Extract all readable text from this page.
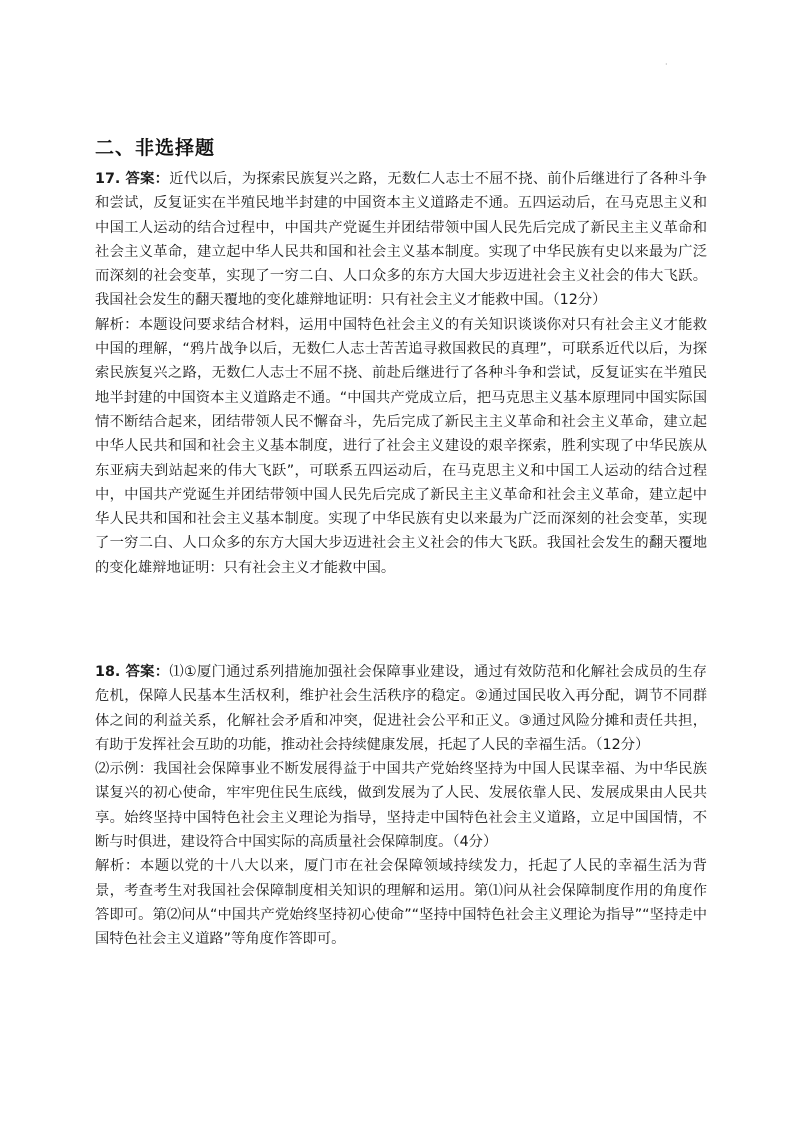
·
二、非选择题

17. 答案：近代以后，为探索民族复兴之路，无数仁人志士不屈不挠、前仆后继进行了各种斗争和尝试，反复证实在半殖民地半封建的中国资本主义道路走不通。五四运动后，在马克思主义和中国工人运动的结合过程中，中国共产党诞生并团结带领中国人民先后完成了新民主主义革命和社会主义革命，建立起中华人民共和国和社会主义基本制度。实现了中华民族有史以来最为广泛而深刻的社会变革，实现了一穷二白、人口众多的东方大国大步迈进社会主义社会的伟大飞跃。我国社会发生的翻天覆地的变化雄辩地证明：只有社会主义才能救中国。（12分）

解析：本题设问要求结合材料，运用中国特色社会主义的有关知识谈谈你对只有社会主义才能救中国的理解，“鸦片战争以后，无数仁人志士苦苦追寻救国救民的真理”，可联系近代以后，为探索民族复兴之路，无数仁人志士不屈不挠、前赴后继进行了各种斗争和尝试，反复证实在半殖民地半封建的中国资本主义道路走不通。“中国共产党成立后，把马克思主义基本原理同中国实际国情不断结合起来，团结带领人民不懈奋斗，先后完成了新民主主义革命和社会主义革命，建立起中华人民共和国和社会主义基本制度，进行了社会主义建设的艰辛探索，胜利实现了中华民族从东亚病夫到站起来的伟大飞跃”，可联系五四运动后，在马克思主义和中国工人运动的结合过程中，中国共产党诞生并团结带领中国人民先后完成了新民主主义革命和社会主义革命，建立起中华人民共和国和社会主义基本制度。实现了中华民族有史以来最为广泛而深刻的社会变革，实现了一穷二白、人口众多的东方大国大步迈进社会主义社会的伟大飞跃。我国社会发生的翻天覆地的变化雄辩地证明：只有社会主义才能救中国。

18. 答案：⑴①厦门通过系列措施加强社会保障事业建设，通过有效防范和化解社会成员的生存危机，保障人民基本生活权利，维护社会生活秩序的稳定。②通过国民收入再分配，调节不同群体之间的利益关系，化解社会矛盾和冲突，促进社会公平和正义。③通过风险分摊和责任共担，有助于发挥社会互助的功能，推动社会持续健康发展，托起了人民的幸福生活。（12分）

⑵示例：我国社会保障事业不断发展得益于中国共产党始终坚持为中国人民谋幸福、为中华民族谋复兴的初心使命，牢牢兜住民生底线，做到发展为了人民、发展依靠人民、发展成果由人民共享。始终坚持中国特色社会主义理论为指导，坚持走中国特色社会主义道路，立足中国国情，不断与时俱进，建设符合中国实际的高质量社会保障制度。（4分）

解析：本题以党的十八大以来，厦门市在社会保障领域持续发力，托起了人民的幸福生活为背景，考查考生对我国社会保障制度相关知识的理解和运用。第⑴问从社会保障制度作用的角度作答即可。第⑵问从“中国共产党始终坚持初心使命”“坚持中国特色社会主义理论为指导”“坚持走中国特色社会主义道路”等角度作答即可。
